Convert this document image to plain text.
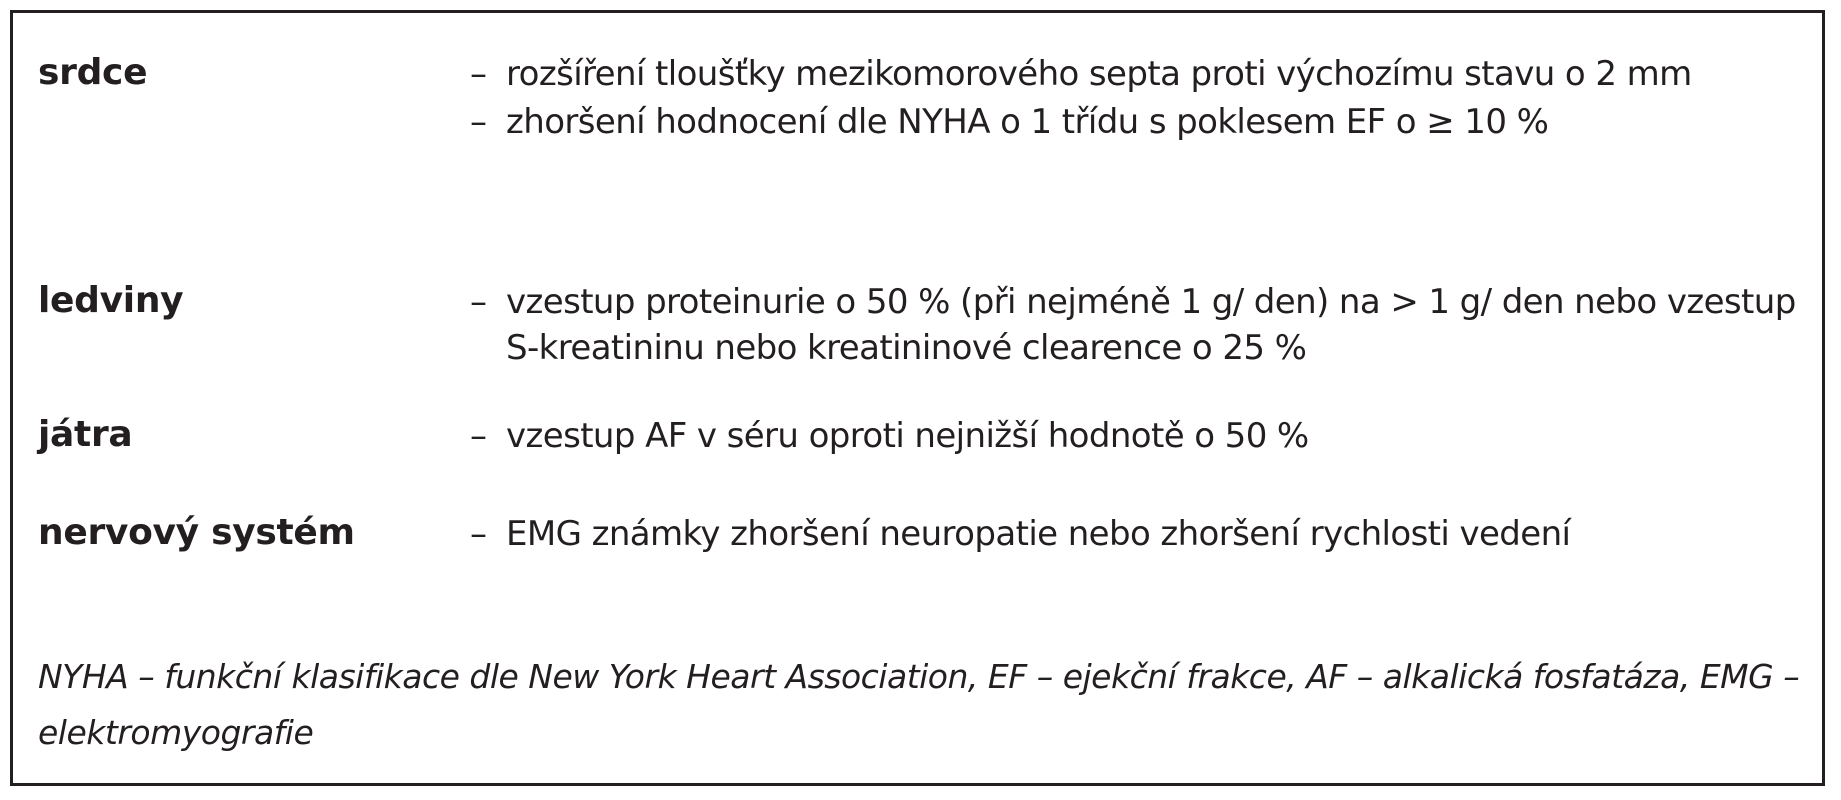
srdce	– rozšíření tloušťky mezikomorového septa proti výchozímu stavu o 2 mm
– zhoršení hodnocení dle NYHA o 1 třídu s poklesem EF o ≥ 10 %
ledviny	– vzestup proteinurie o 50 % (při nejméně 1 g/ den) na > 1 g/ den nebo vzestup S-kreatininu nebo kreatininové clearence o 25 %
játra	– vzestup AF v séru oproti nejnižší hodnotě o 50 %
nervový systém	– EMG známky zhoršení neuropatie nebo zhoršení rychlosti vedení
NYHA – funkční klasifikace dle New York Heart Association, EF – ejekční frakce, AF – alkalická fosfatáza, EMG – elektromyografie
